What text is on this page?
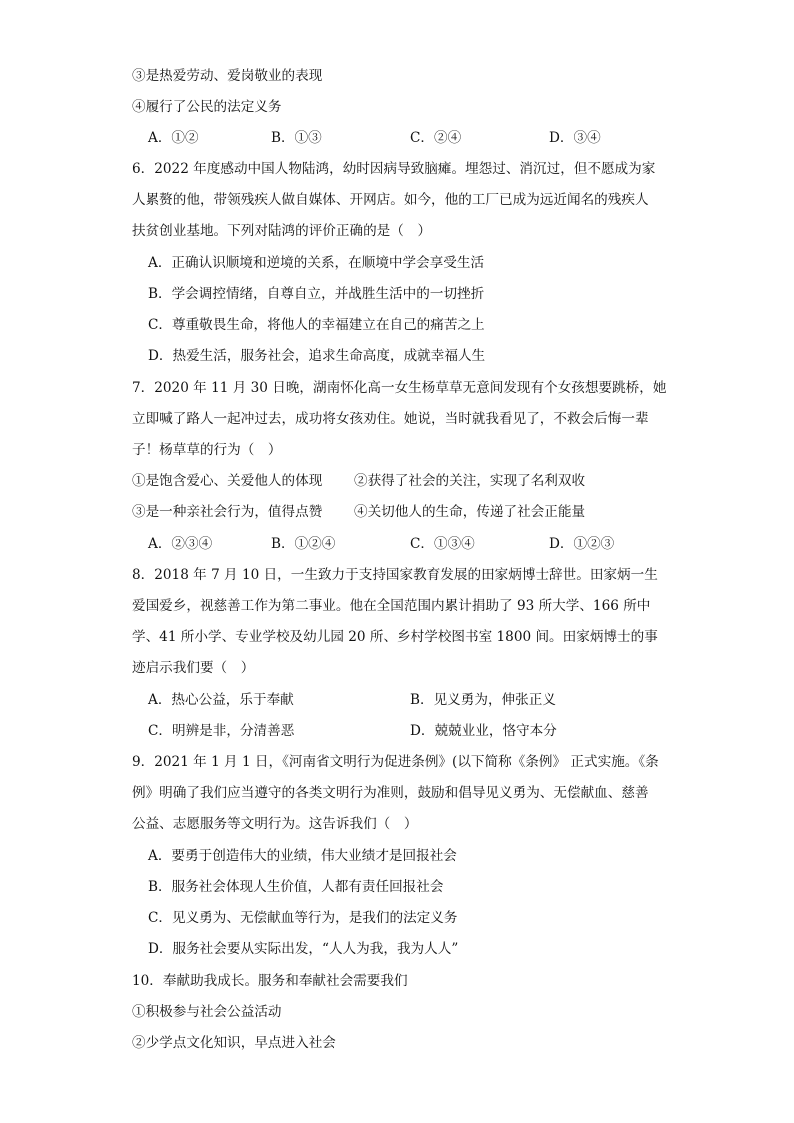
③是热爱劳动、爱岗敬业的表现
④履行了公民的法定义务
A．①②	B．①③	C．②④	D．③④
6．2022 年度感动中国人物陆鸿，幼时因病导致脑瘫。埋怨过、消沉过，但不愿成为家
人累赘的他，带领残疾人做自媒体、开网店。如今，他的工厂已成为远近闻名的残疾人
扶贫创业基地。下列对陆鸿的评价正确的是（　）
A．正确认识顺境和逆境的关系，在顺境中学会享受生活
B．学会调控情绪，自尊自立，并战胜生活中的一切挫折
C．尊重敬畏生命，将他人的幸福建立在自己的痛苦之上
D．热爱生活，服务社会，追求生命高度，成就幸福人生
7．2020 年 11 月 30 日晚，湖南怀化高一女生杨草草无意间发现有个女孩想要跳桥，她
立即喊了路人一起冲过去，成功将女孩劝住。她说，当时就我看见了，不救会后悔一辈
子！杨草草的行为（　）
①是饱含爱心、关爱他人的体现 ②获得了社会的关注，实现了名利双收
③是一种亲社会行为，值得点赞 ④关切他人的生命，传递了社会正能量
A．②③④	B．①②④	C．①③④	D．①②③
8．2018 年 7 月 10 日，一生致力于支持国家教育发展的田家炳博士辞世。田家炳一生
爱国爱乡，视慈善工作为第二事业。他在全国范围内累计捐助了 93 所大学、166 所中
学、41 所小学、专业学校及幼儿园 20 所、乡村学校图书室 1800 间。田家炳博士的事
迹启示我们要（　）
A．热心公益，乐于奉献	B．见义勇为，伸张正义
C．明辨是非，分清善恶	D．兢兢业业，恪守本分
9．2021 年 1 月 1 日，《河南省文明行为促进条例》(以下简称《条例》 正式实施。《条
例》明确了我们应当遵守的各类文明行为准则，鼓励和倡导见义勇为、无偿献血、慈善
公益、志愿服务等文明行为。这告诉我们（　）
A．要勇于创造伟大的业绩，伟大业绩才是回报社会
B．服务社会体现人生价值，人都有责任回报社会
C．见义勇为、无偿献血等行为，是我们的法定义务
D．服务社会要从实际出发，“人人为我，我为人人”
10．奉献助我成长。服务和奉献社会需要我们
①积极参与社会公益活动
②少学点文化知识，早点进入社会
